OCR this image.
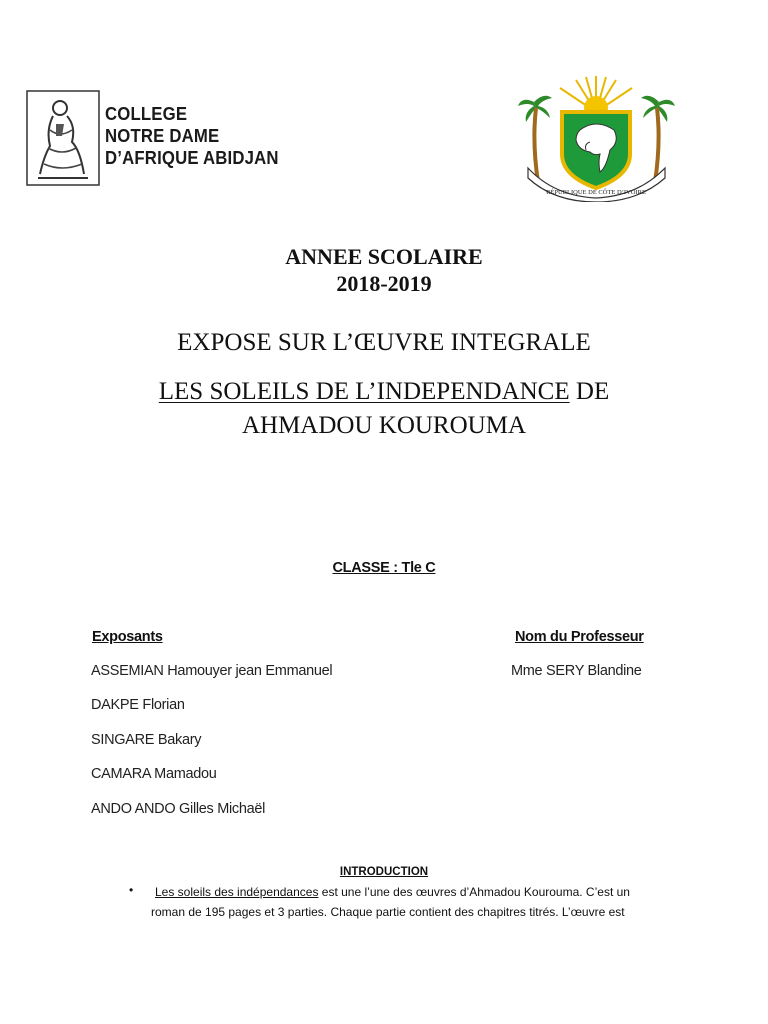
COLLEGE
NOTRE DAME
D’AFRIQUE ABIDJAN
RÉPUBLIQUE DE CÔTE D’IVOIRE
ANNEE SCOLAIRE
2018-2019
EXPOSE SUR L’ŒUVRE INTEGRALE
LES SOLEILS DE L’INDEPENDANCE DE
AHMADOU KOUROUMA
CLASSE : Tle C
Exposants	Nom du Professeur
ASSEMIAN Hamouyer jean Emmanuel
DAKPE Florian
SINGARE Bakary
CAMARA Mamadou
ANDO ANDO Gilles Michaël
Mme SERY Blandine
INTRODUCTION
• Les soleils des indépendances est une l’une des œuvres d’Ahmadou Kourouma. C’est un
roman de 195 pages et 3 parties. Chaque partie contient des chapitres titrés. L’œuvre est
